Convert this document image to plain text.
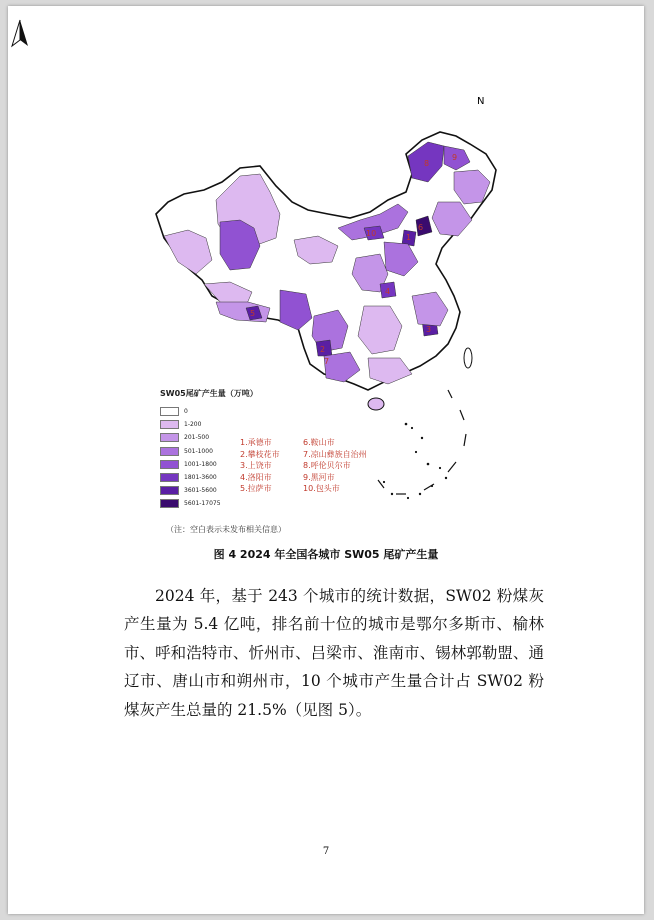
1
2
3
4
5
6
7
8
9
10
N
SW05尾矿产生量（万吨）
0
1-200
201-500
501-1000
1001-1800
1801-3600
3601-5600
5601-17075
1.承德市
2.攀枝花市
3.上饶市
4.洛阳市
5.拉萨市
6.鞍山市
7.凉山彝族自治州
8.呼伦贝尔市
9.黑河市
10.包头市
（注：空白表示未发布相关信息）
图 4 2024 年全国各城市 SW05 尾矿产生量

2024 年，基于 243 个城市的统计数据，SW02 粉煤灰产生量为 5.4 亿吨，排名前十位的城市是鄂尔多斯市、榆林市、呼和浩特市、忻州市、吕梁市、淮南市、锡林郭勒盟、通辽市、唐山市和朔州市，10 个城市产生量合计占 SW02 粉煤灰产生总量的 21.5%（见图 5）。

7
